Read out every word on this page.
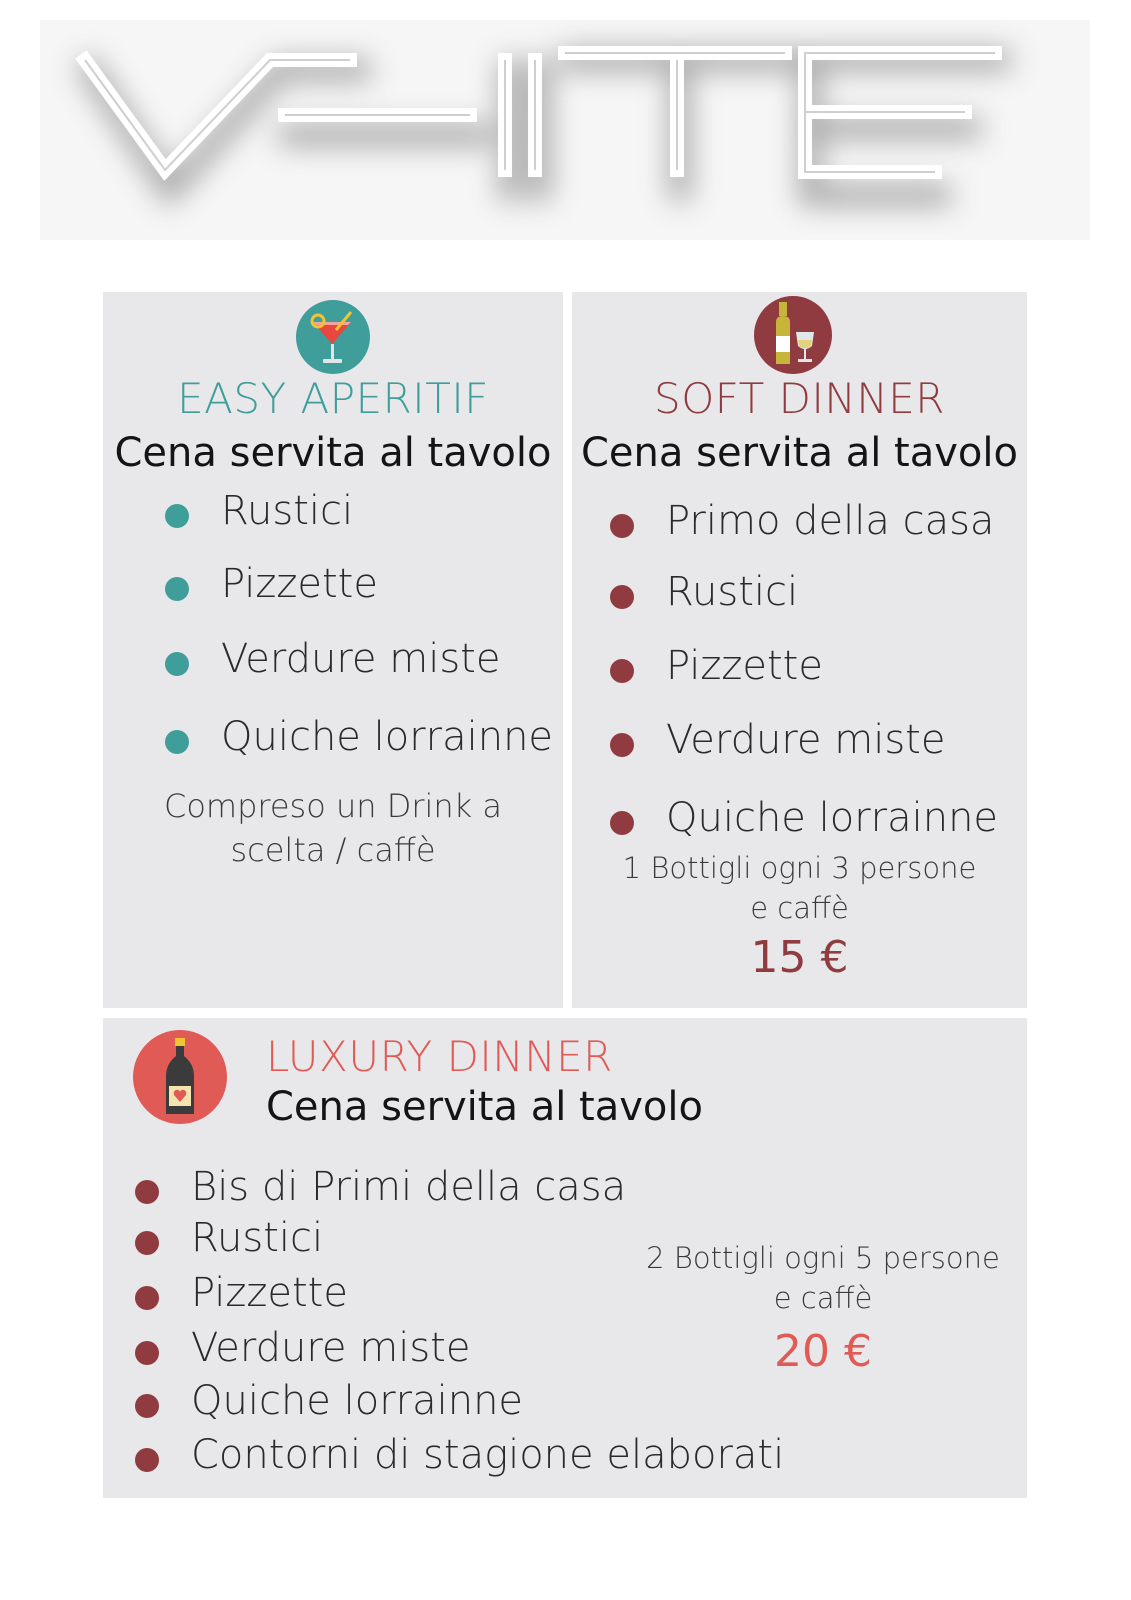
EASY APERITIF
Cena servita al tavolo
Rustici
Pizzette
Verdure miste
Quiche lorrainne
Compreso un Drink a
scelta / caffè
SOFT DINNER
Cena servita al tavolo
Primo della casa
Rustici
Pizzette
Verdure miste
Quiche lorrainne
1 Bottigli ogni 3 persone
e caffè
15 €
LUXURY DINNER
Cena servita al tavolo
Bis di Primi della casa
Rustici
Pizzette
Verdure miste
Quiche lorrainne
Contorni di stagione elaborati
2 Bottigli ogni 5 persone
e caffè
20 €
